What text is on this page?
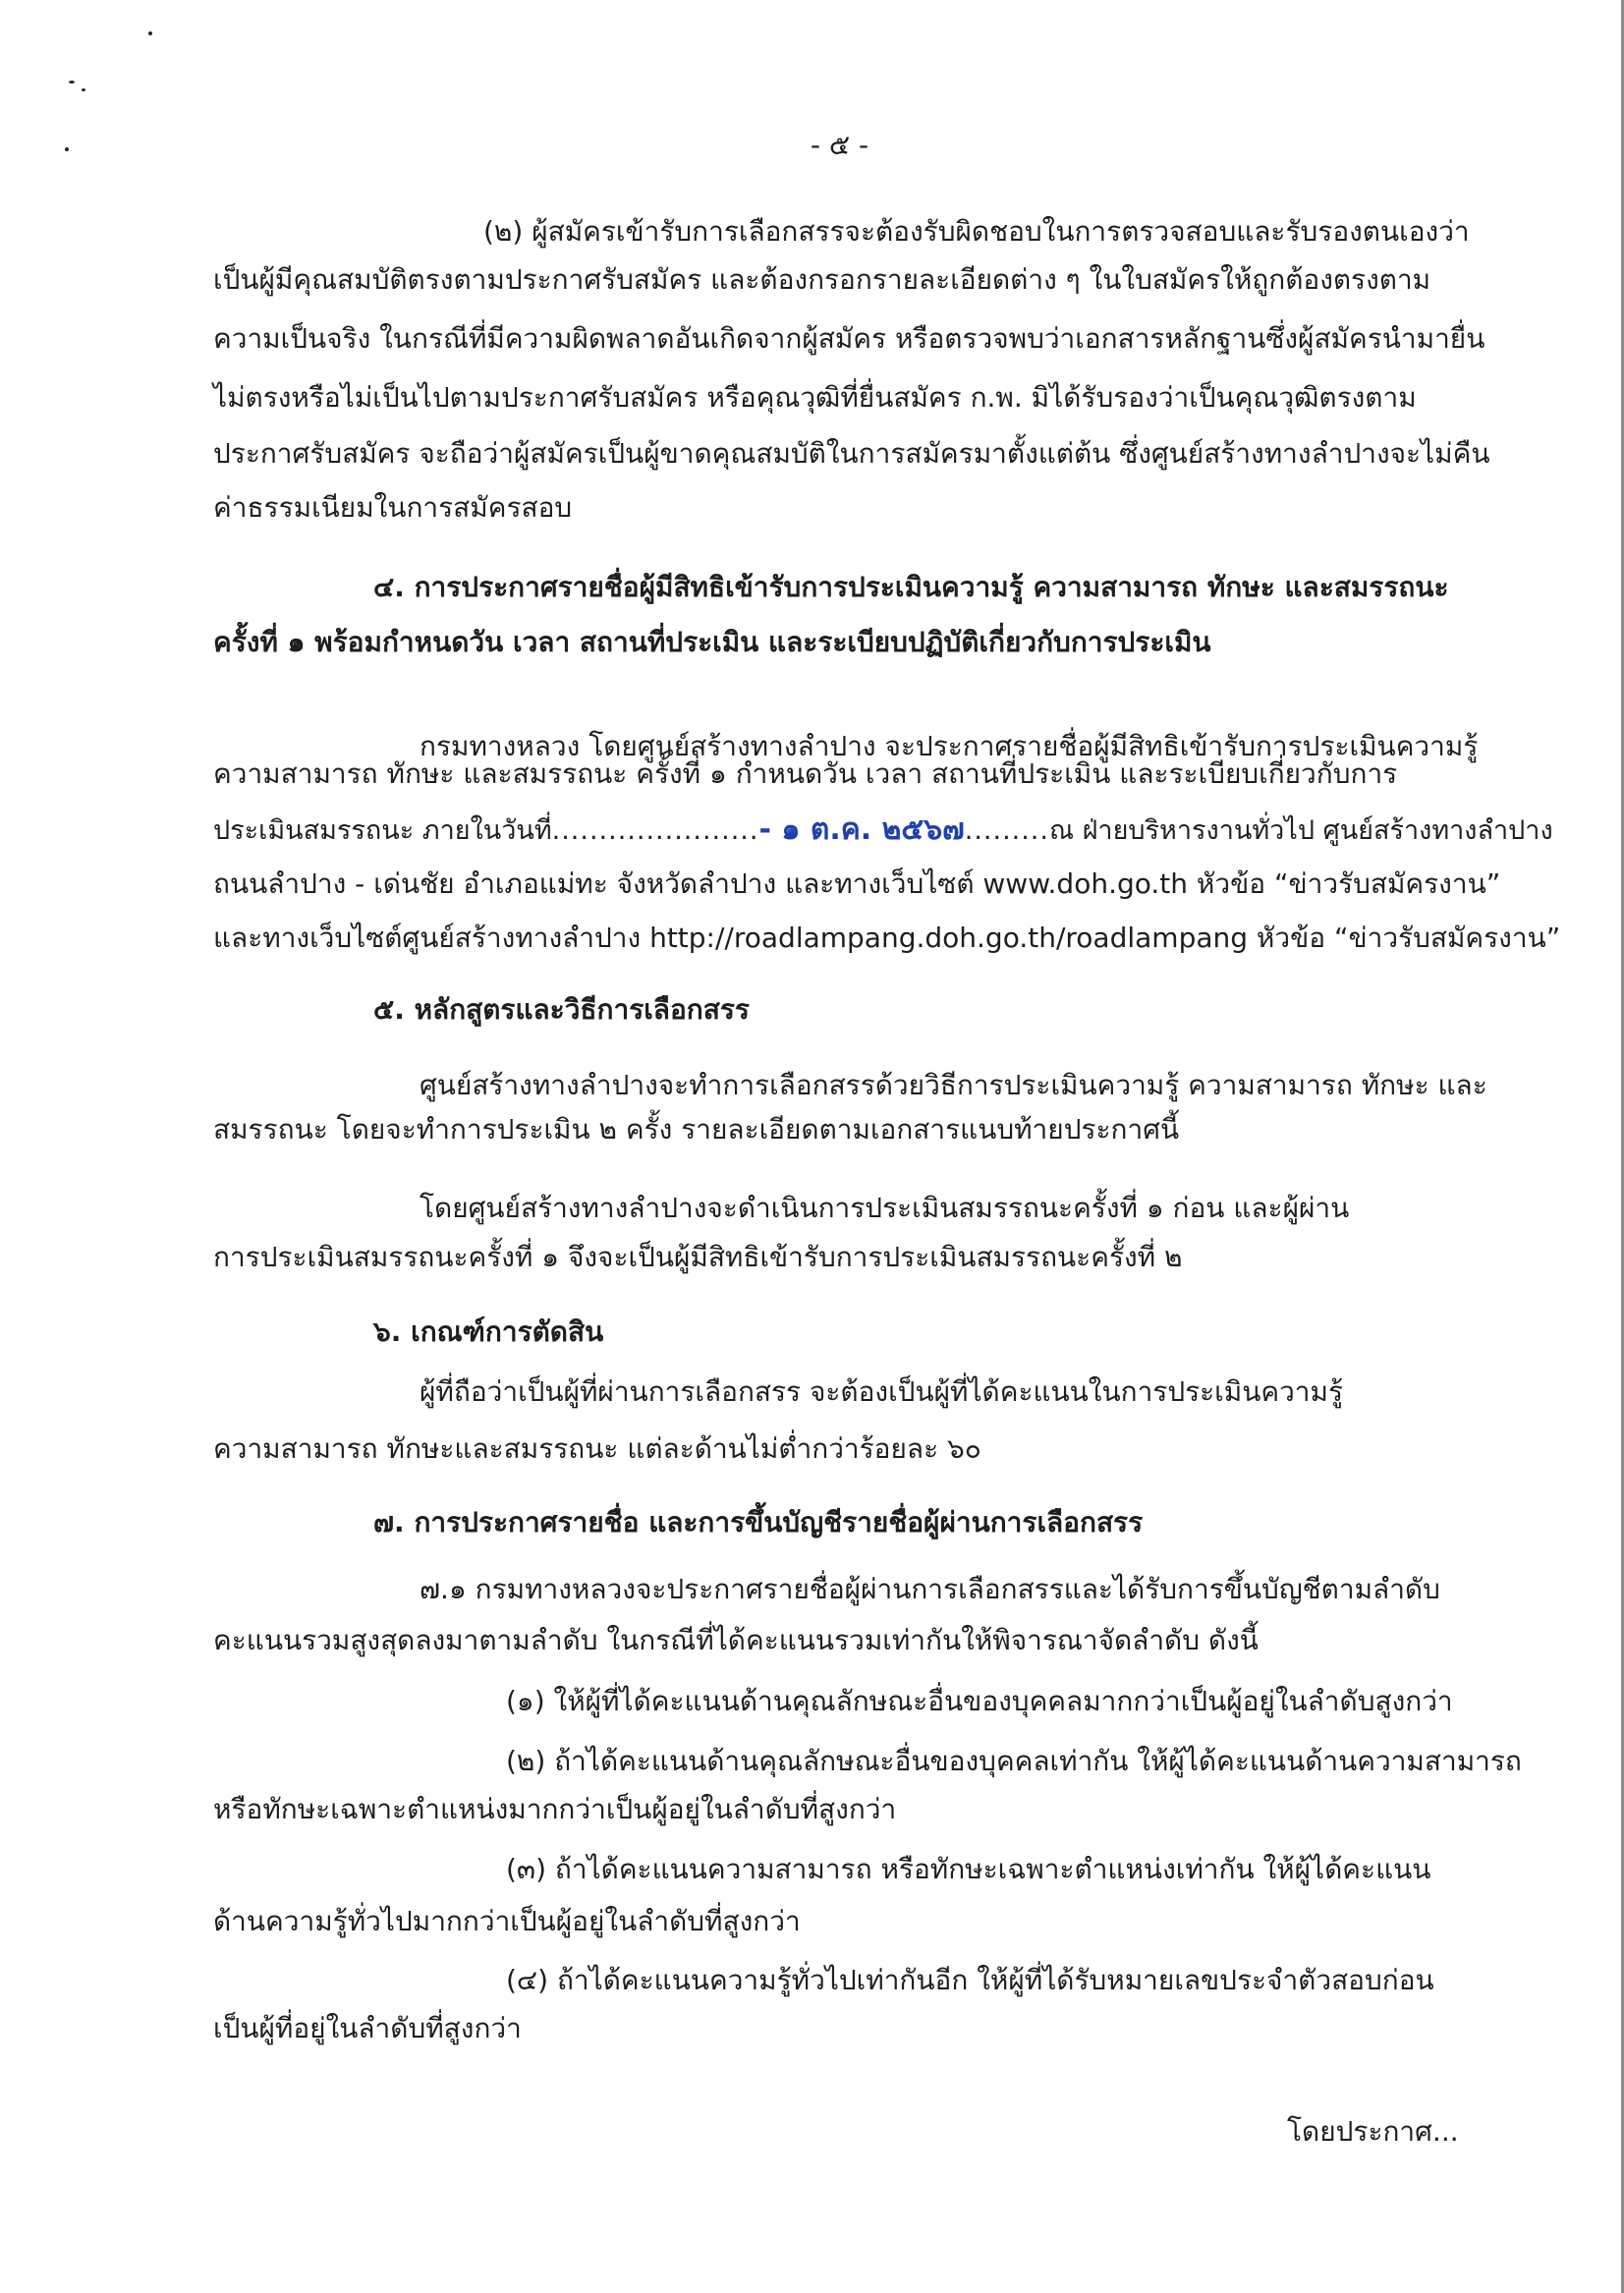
- ๕ -
(๒) ผู้สมัครเข้ารับการเลือกสรรจะต้องรับผิดชอบในการตรวจสอบและรับรองตนเองว่า
เป็นผู้มีคุณสมบัติตรงตามประกาศรับสมัคร และต้องกรอกรายละเอียดต่าง ๆ ในใบสมัครให้ถูกต้องตรงตาม
ความเป็นจริง ในกรณีที่มีความผิดพลาดอันเกิดจากผู้สมัคร หรือตรวจพบว่าเอกสารหลักฐานซึ่งผู้สมัครนำมายื่น
ไม่ตรงหรือไม่เป็นไปตามประกาศรับสมัคร หรือคุณวุฒิที่ยื่นสมัคร ก.พ. มิได้รับรองว่าเป็นคุณวุฒิตรงตาม
ประกาศรับสมัคร จะถือว่าผู้สมัครเป็นผู้ขาดคุณสมบัติในการสมัครมาตั้งแต่ต้น ซึ่งศูนย์สร้างทางลำปางจะไม่คืน
ค่าธรรมเนียมในการสมัครสอบ
๔. การประกาศรายชื่อผู้มีสิทธิเข้ารับการประเมินความรู้ ความสามารถ ทักษะ และสมรรถนะ
ครั้งที่ ๑ พร้อมกำหนดวัน เวลา สถานที่ประเมิน และระเบียบปฏิบัติเกี่ยวกับการประเมิน
กรมทางหลวง โดยศูนย์สร้างทางลำปาง จะประกาศรายชื่อผู้มีสิทธิเข้ารับการประเมินความรู้
ความสามารถ ทักษะ และสมรรถนะ ครั้งที่ ๑ กำหนดวัน เวลา สถานที่ประเมิน และระเบียบเกี่ยวกับการ
ประเมินสมรรถนะ ภายในวันที่......................- ๑ ต.ค. ๒๕๖๗.........ณ ฝ่ายบริหารงานทั่วไป ศูนย์สร้างทางลำปาง
ถนนลำปาง - เด่นชัย อำเภอแม่ทะ จังหวัดลำปาง และทางเว็บไซต์ www.doh.go.th หัวข้อ “ข่าวรับสมัครงาน”
และทางเว็บไซต์ศูนย์สร้างทางลำปาง http://roadlampang.doh.go.th/roadlampang หัวข้อ “ข่าวรับสมัครงาน”
๕. หลักสูตรและวิธีการเลือกสรร
ศูนย์สร้างทางลำปางจะทำการเลือกสรรด้วยวิธีการประเมินความรู้ ความสามารถ ทักษะ และ
สมรรถนะ โดยจะทำการประเมิน ๒ ครั้ง รายละเอียดตามเอกสารแนบท้ายประกาศนี้
โดยศูนย์สร้างทางลำปางจะดำเนินการประเมินสมรรถนะครั้งที่ ๑ ก่อน และผู้ผ่าน
การประเมินสมรรถนะครั้งที่ ๑ จึงจะเป็นผู้มีสิทธิเข้ารับการประเมินสมรรถนะครั้งที่ ๒
๖. เกณฑ์การตัดสิน
ผู้ที่ถือว่าเป็นผู้ที่ผ่านการเลือกสรร จะต้องเป็นผู้ที่ได้คะแนนในการประเมินความรู้
ความสามารถ ทักษะและสมรรถนะ แต่ละด้านไม่ต่ำกว่าร้อยละ ๖๐
๗. การประกาศรายชื่อ และการขึ้นบัญชีรายชื่อผู้ผ่านการเลือกสรร
๗.๑ กรมทางหลวงจะประกาศรายชื่อผู้ผ่านการเลือกสรรและได้รับการขึ้นบัญชีตามลำดับ
คะแนนรวมสูงสุดลงมาตามลำดับ ในกรณีที่ได้คะแนนรวมเท่ากันให้พิจารณาจัดลำดับ ดังนี้
(๑) ให้ผู้ที่ได้คะแนนด้านคุณลักษณะอื่นของบุคคลมากกว่าเป็นผู้อยู่ในลำดับสูงกว่า
(๒) ถ้าได้คะแนนด้านคุณลักษณะอื่นของบุคคลเท่ากัน ให้ผู้ได้คะแนนด้านความสามารถ
หรือทักษะเฉพาะตำแหน่งมากกว่าเป็นผู้อยู่ในลำดับที่สูงกว่า
(๓) ถ้าได้คะแนนความสามารถ หรือทักษะเฉพาะตำแหน่งเท่ากัน ให้ผู้ได้คะแนน
ด้านความรู้ทั่วไปมากกว่าเป็นผู้อยู่ในลำดับที่สูงกว่า
(๔) ถ้าได้คะแนนความรู้ทั่วไปเท่ากันอีก ให้ผู้ที่ได้รับหมายเลขประจำตัวสอบก่อน
เป็นผู้ที่อยู่ในลำดับที่สูงกว่า
โดยประกาศ...
